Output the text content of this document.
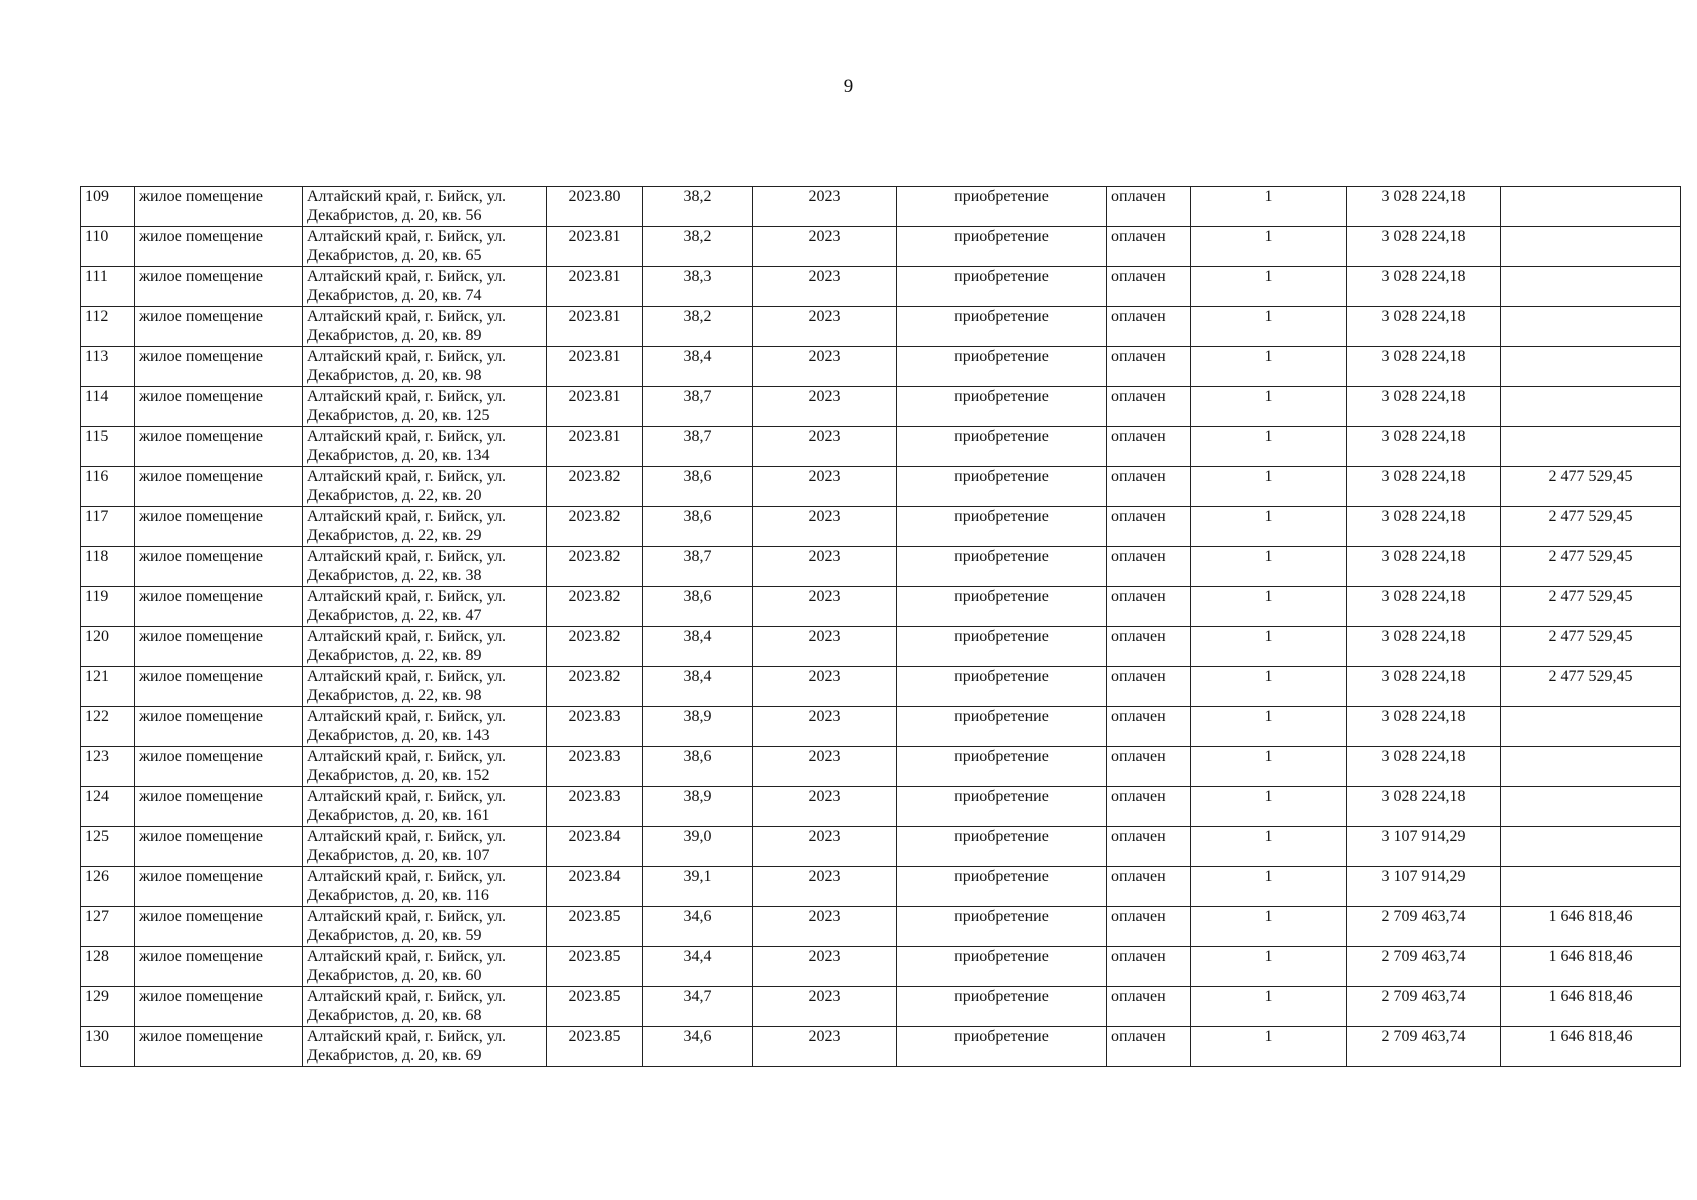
9
109	жилое помещение	Алтайский край, г. Бийск, ул.
Декабристов, д. 20, кв. 56	2023.80	38,2	2023	приобретение	оплачен	1	3 028 224,18	
110	жилое помещение	Алтайский край, г. Бийск, ул.
Декабристов, д. 20, кв. 65	2023.81	38,2	2023	приобретение	оплачен	1	3 028 224,18	
111	жилое помещение	Алтайский край, г. Бийск, ул.
Декабристов, д. 20, кв. 74	2023.81	38,3	2023	приобретение	оплачен	1	3 028 224,18	
112	жилое помещение	Алтайский край, г. Бийск, ул.
Декабристов, д. 20, кв. 89	2023.81	38,2	2023	приобретение	оплачен	1	3 028 224,18	
113	жилое помещение	Алтайский край, г. Бийск, ул.
Декабристов, д. 20, кв. 98	2023.81	38,4	2023	приобретение	оплачен	1	3 028 224,18	
114	жилое помещение	Алтайский край, г. Бийск, ул.
Декабристов, д. 20, кв. 125	2023.81	38,7	2023	приобретение	оплачен	1	3 028 224,18	
115	жилое помещение	Алтайский край, г. Бийск, ул.
Декабристов, д. 20, кв. 134	2023.81	38,7	2023	приобретение	оплачен	1	3 028 224,18	
116	жилое помещение	Алтайский край, г. Бийск, ул.
Декабристов, д. 22, кв. 20	2023.82	38,6	2023	приобретение	оплачен	1	3 028 224,18	2 477 529,45
117	жилое помещение	Алтайский край, г. Бийск, ул.
Декабристов, д. 22, кв. 29	2023.82	38,6	2023	приобретение	оплачен	1	3 028 224,18	2 477 529,45
118	жилое помещение	Алтайский край, г. Бийск, ул.
Декабристов, д. 22, кв. 38	2023.82	38,7	2023	приобретение	оплачен	1	3 028 224,18	2 477 529,45
119	жилое помещение	Алтайский край, г. Бийск, ул.
Декабристов, д. 22, кв. 47	2023.82	38,6	2023	приобретение	оплачен	1	3 028 224,18	2 477 529,45
120	жилое помещение	Алтайский край, г. Бийск, ул.
Декабристов, д. 22, кв. 89	2023.82	38,4	2023	приобретение	оплачен	1	3 028 224,18	2 477 529,45
121	жилое помещение	Алтайский край, г. Бийск, ул.
Декабристов, д. 22, кв. 98	2023.82	38,4	2023	приобретение	оплачен	1	3 028 224,18	2 477 529,45
122	жилое помещение	Алтайский край, г. Бийск, ул.
Декабристов, д. 20, кв. 143	2023.83	38,9	2023	приобретение	оплачен	1	3 028 224,18	
123	жилое помещение	Алтайский край, г. Бийск, ул.
Декабристов, д. 20, кв. 152	2023.83	38,6	2023	приобретение	оплачен	1	3 028 224,18	
124	жилое помещение	Алтайский край, г. Бийск, ул.
Декабристов, д. 20, кв. 161	2023.83	38,9	2023	приобретение	оплачен	1	3 028 224,18	
125	жилое помещение	Алтайский край, г. Бийск, ул.
Декабристов, д. 20, кв. 107	2023.84	39,0	2023	приобретение	оплачен	1	3 107 914,29	
126	жилое помещение	Алтайский край, г. Бийск, ул.
Декабристов, д. 20, кв. 116	2023.84	39,1	2023	приобретение	оплачен	1	3 107 914,29	
127	жилое помещение	Алтайский край, г. Бийск, ул.
Декабристов, д. 20, кв. 59	2023.85	34,6	2023	приобретение	оплачен	1	2 709 463,74	1 646 818,46
128	жилое помещение	Алтайский край, г. Бийск, ул.
Декабристов, д. 20, кв. 60	2023.85	34,4	2023	приобретение	оплачен	1	2 709 463,74	1 646 818,46
129	жилое помещение	Алтайский край, г. Бийск, ул.
Декабристов, д. 20, кв. 68	2023.85	34,7	2023	приобретение	оплачен	1	2 709 463,74	1 646 818,46
130	жилое помещение	Алтайский край, г. Бийск, ул.
Декабристов, д. 20, кв. 69	2023.85	34,6	2023	приобретение	оплачен	1	2 709 463,74	1 646 818,46
